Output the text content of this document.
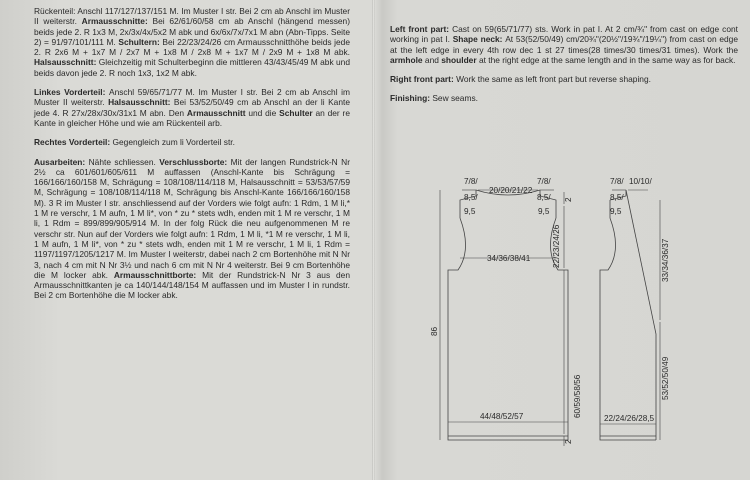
Rückenteil: Anschl 117/127/137/151 M. Im Muster I str. Bei 2 cm ab Anschl im Muster II weiterstr. Armausschnitte: Bei 62/61/60/58 cm ab Anschl (hängend messen) beids jede 2. R 1x3 M, 2x/3x/4x/5x2 M abk und 6x/6x/7x/7x1 M abn (Abn-Tipps. Seite 2) = 91/97/101/111 M. Schultern: Bei 22/23/24/26 cm Armausschnitthöhe beids jede 2. R 2x6 M + 1x7 M / 2x7 M + 1x8 M / 2x8 M + 1x7 M / 2x9 M + 1x8 M abk. Halsausschnitt: Gleichzeitig mit Schulterbeginn die mittleren 43/43/45/49 M abk und beids davon jede 2. R noch 1x3, 1x2 M abk.

Linkes Vorderteil: Anschl 59/65/71/77 M. Im Muster I str. Bei 2 cm ab Anschl im Muster II weiterstr. Halsausschnitt: Bei 53/52/50/49 cm ab Anschl an der li Kante jede 4. R 27x/28x/30x/31x1 M abn. Den Armausschnitt und die Schulter an der re Kante in gleicher Höhe und wie am Rückenteil arb.

Rechtes Vorderteil: Gegengleich zum li Vorderteil str.

Ausarbeiten: Nähte schliessen. Verschlussborte: Mit der langen Rundstrick-N Nr 2½ ca 601/601/605/611 M auffassen (Anschl-Kante bis Schrägung = 166/166/160/158 M, Schrägung = 108/108/114/118 M, Halsausschnitt = 53/53/57/59 M, Schrägung = 108/108/114/118 M, Schrägung bis Anschl-Kante 166/166/160/158 M). 3 R im Muster I str. anschliessend auf der Vorders wie folgt aufn: 1 Rdm, 1 M li,* 1 M re verschr, 1 M aufn, 1 M li*, von * zu * stets wdh, enden mit 1 M re verschr, 1 M li, 1 Rdm = 899/899/905/914 M. In der folg Rück die neu aufgenommenen M re verschr str. Nun auf der Vorders wie folgt aufn: 1 Rdm, 1 M li, *1 M re verschr, 1 M li, 1 M aufn, 1 M li*, von * zu * stets wdh, enden mit 1 M re verschr, 1 M li, 1 Rdm = 1197/1197/1205/1217 M. Im Muster I weiterstr, dabei nach 2 cm Bortenhöhe mit N Nr 3, nach 4 cm mit N Nr 3½ und nach 6 cm mit N Nr 4 weiterstr. Bei 9 cm Bortenhöhe die M locker abk. Armausschnittborte: Mit der Rundstrick-N Nr 3 aus den Armausschnittkanten je ca 140/144/148/154 M auffassen und im Muster I in rundstr. Bei 2 cm Bortenhöhe die M locker abk.

Left front part: Cast on 59(65/71/77) sts. Work in pat I. At 2 cm/¾" from cast on edge cont working in pat I. Shape neck: At 53(52/50/49) cm/20¾"(20½"/19¾"/19¼") from cast on edge at the left edge in every 4th row dec 1 st 27 times(28 times/30 times/31 times). Work the armhole and shoulder at the right edge at the same length and in the same way as for back.

Right front part: Work the same as left front part but reverse shaping.

Finishing: Sew seams.

7/8/
8,5/
9,5
20/20/21/22
7/8/
8,5/
9,5
34/36/38/41	22/23/24/26
2
60/59/58/56
2
86
44/48/52/57
7/8/
8,5/
9,5
10/10/
33/34/36/37
53/52/50/49
22/24/26/28,5
